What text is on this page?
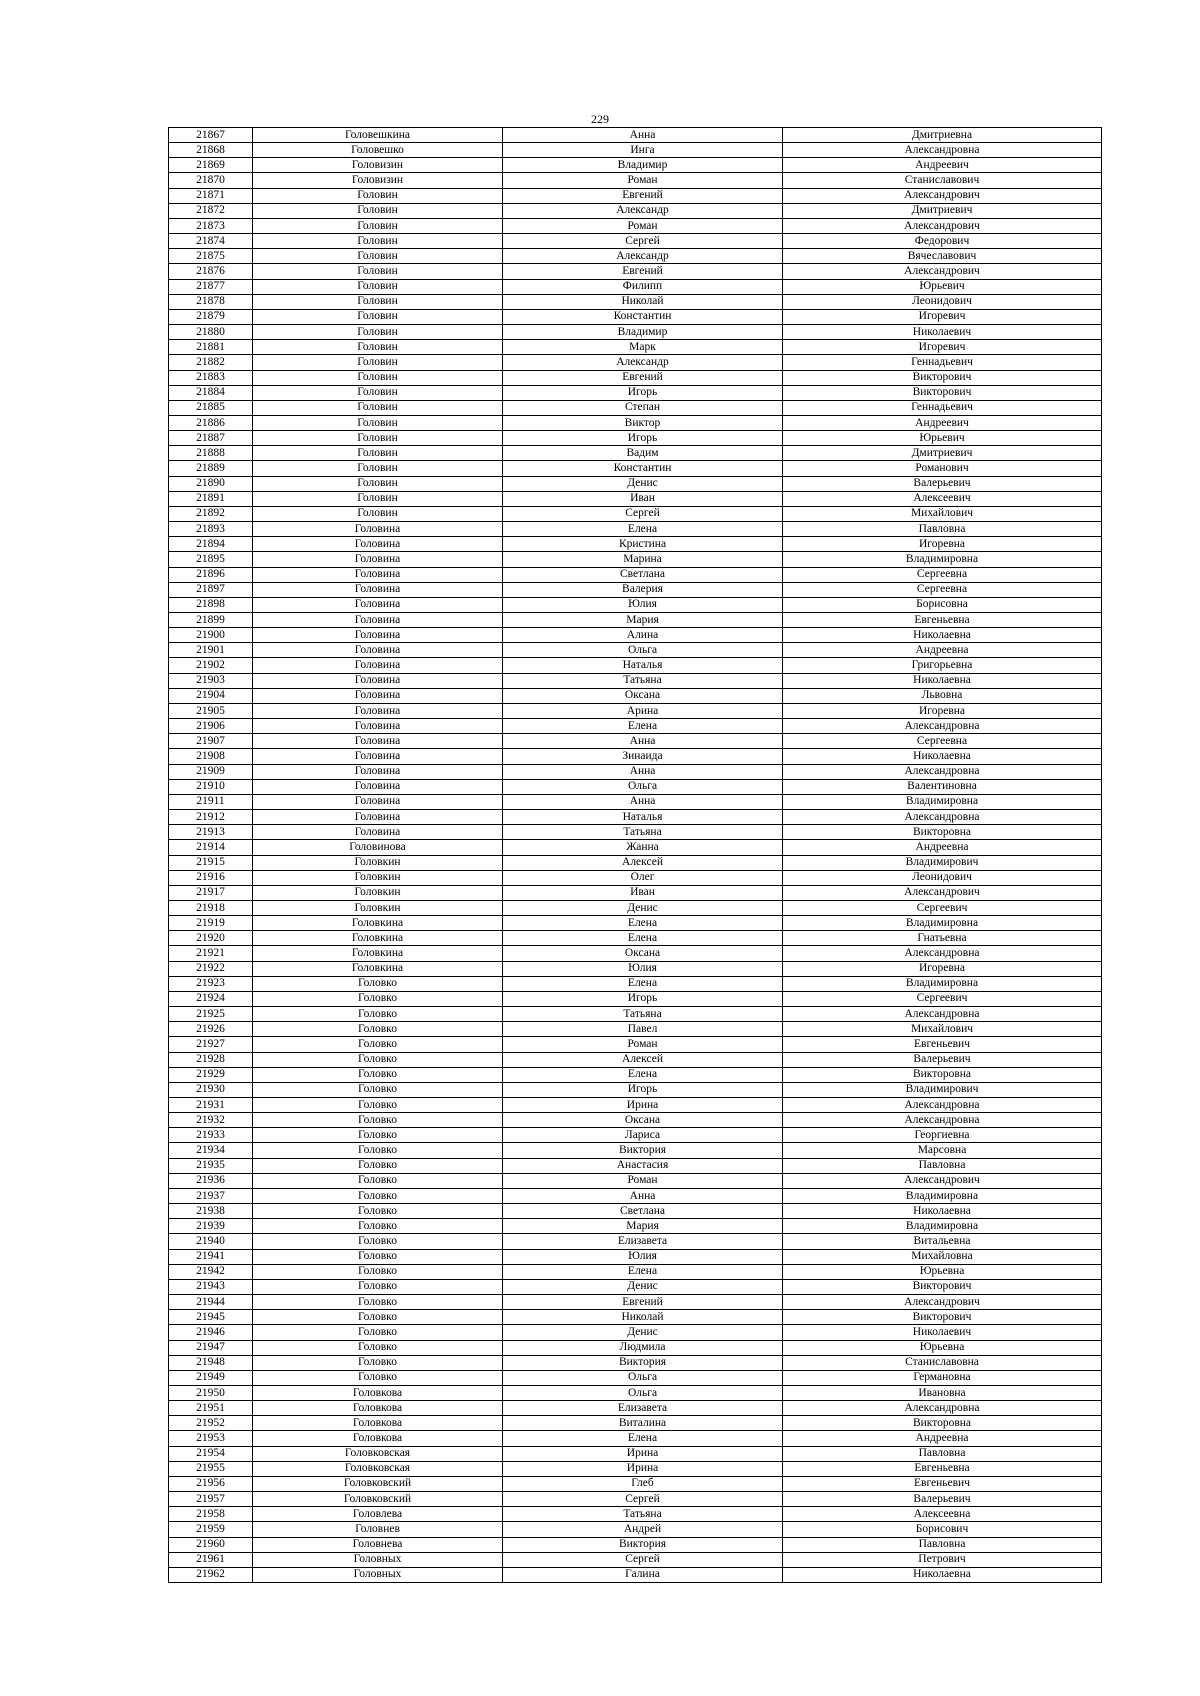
229
21867	Головешкина	Анна	Дмитриевна
21868	Головешко	Инга	Александровна
21869	Головизин	Владимир	Андреевич
21870	Головизин	Роман	Станиславович
21871	Головин	Евгений	Александрович
21872	Головин	Александр	Дмитриевич
21873	Головин	Роман	Александрович
21874	Головин	Сергей	Федорович
21875	Головин	Александр	Вячеславович
21876	Головин	Евгений	Александрович
21877	Головин	Филипп	Юрьевич
21878	Головин	Николай	Леонидович
21879	Головин	Константин	Игоревич
21880	Головин	Владимир	Николаевич
21881	Головин	Марк	Игоревич
21882	Головин	Александр	Геннадьевич
21883	Головин	Евгений	Викторович
21884	Головин	Игорь	Викторович
21885	Головин	Степан	Геннадьевич
21886	Головин	Виктор	Андреевич
21887	Головин	Игорь	Юрьевич
21888	Головин	Вадим	Дмитриевич
21889	Головин	Константин	Романович
21890	Головин	Денис	Валерьевич
21891	Головин	Иван	Алексеевич
21892	Головин	Сергей	Михайлович
21893	Головина	Елена	Павловна
21894	Головина	Кристина	Игоревна
21895	Головина	Марина	Владимировна
21896	Головина	Светлана	Сергеевна
21897	Головина	Валерия	Сергеевна
21898	Головина	Юлия	Борисовна
21899	Головина	Мария	Евгеньевна
21900	Головина	Алина	Николаевна
21901	Головина	Ольга	Андреевна
21902	Головина	Наталья	Григорьевна
21903	Головина	Татьяна	Николаевна
21904	Головина	Оксана	Львовна
21905	Головина	Арина	Игоревна
21906	Головина	Елена	Александровна
21907	Головина	Анна	Сергеевна
21908	Головина	Зинаида	Николаевна
21909	Головина	Анна	Александровна
21910	Головина	Ольга	Валентиновна
21911	Головина	Анна	Владимировна
21912	Головина	Наталья	Александровна
21913	Головина	Татьяна	Викторовна
21914	Головинова	Жанна	Андреевна
21915	Головкин	Алексей	Владимирович
21916	Головкин	Олег	Леонидович
21917	Головкин	Иван	Александрович
21918	Головкин	Денис	Сергеевич
21919	Головкина	Елена	Владимировна
21920	Головкина	Елена	Гнатьевна
21921	Головкина	Оксана	Александровна
21922	Головкина	Юлия	Игоревна
21923	Головко	Елена	Владимировна
21924	Головко	Игорь	Сергеевич
21925	Головко	Татьяна	Александровна
21926	Головко	Павел	Михайлович
21927	Головко	Роман	Евгеньевич
21928	Головко	Алексей	Валерьевич
21929	Головко	Елена	Викторовна
21930	Головко	Игорь	Владимирович
21931	Головко	Ирина	Александровна
21932	Головко	Оксана	Александровна
21933	Головко	Лариса	Георгиевна
21934	Головко	Виктория	Марсовна
21935	Головко	Анастасия	Павловна
21936	Головко	Роман	Александрович
21937	Головко	Анна	Владимировна
21938	Головко	Светлана	Николаевна
21939	Головко	Мария	Владимировна
21940	Головко	Елизавета	Витальевна
21941	Головко	Юлия	Михайловна
21942	Головко	Елена	Юрьевна
21943	Головко	Денис	Викторович
21944	Головко	Евгений	Александрович
21945	Головко	Николай	Викторович
21946	Головко	Денис	Николаевич
21947	Головко	Людмила	Юрьевна
21948	Головко	Виктория	Станиславовна
21949	Головко	Ольга	Германовна
21950	Головкова	Ольга	Ивановна
21951	Головкова	Елизавета	Александровна
21952	Головкова	Виталина	Викторовна
21953	Головкова	Елена	Андреевна
21954	Головковская	Ирина	Павловна
21955	Головковская	Ирина	Евгеньевна
21956	Головковский	Глеб	Евгеньевич
21957	Головковский	Сергей	Валерьевич
21958	Головлева	Татьяна	Алексеевна
21959	Головнев	Андрей	Борисович
21960	Головнева	Виктория	Павловна
21961	Головных	Сергей	Петрович
21962	Головных	Галина	Николаевна
